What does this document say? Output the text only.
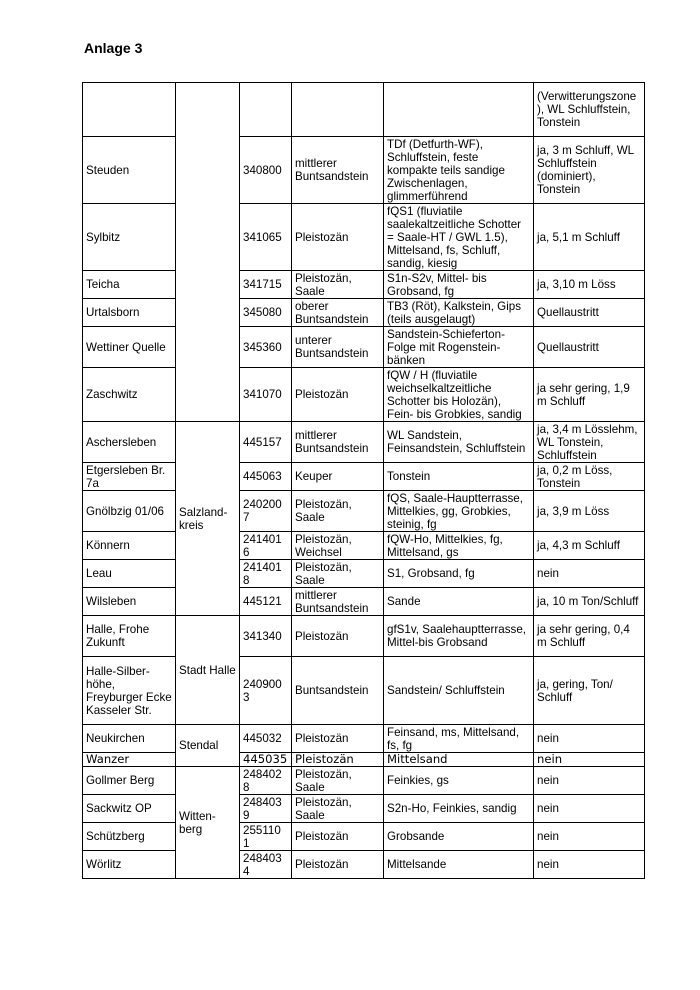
Anlage 3
					(Verwitterungszone ), WL Schluffstein, Tonstein
Steuden		340800	mittlerer Buntsandstein	TDf (Detfurth-WF), Schluffstein, feste kompakte teils sandige Zwischenlagen, glimmerführend	ja, 3 m Schluff, WL Schluffstein (dominiert), Tonstein
Sylbitz		341065	Pleistozän	fQS1 (fluviatile saalekaltzeitliche Schotter = Saale-HT / GWL 1.5), Mittelsand, fs, Schluff, sandig, kiesig	ja, 5,1 m Schluff
Teicha		341715	Pleistozän, Saale	S1n-S2v, Mittel- bis Grobsand, fg	ja, 3,10 m Löss
Urtalsborn		345080	oberer Buntsandstein	TB3 (Röt), Kalkstein, Gips (teils ausgelaugt)	Quellaustritt
Wettiner Quelle		345360	unterer Buntsandstein	Sandstein-Schieferton-Folge mit Rogenstein-bänken	Quellaustritt
Zaschwitz		341070	Pleistozän	fQW / H (fluviatile weichselkaltzeitliche Schotter bis Holozän), Fein- bis Grobkies, sandig	ja sehr gering, 1,9 m Schluff
Aschersleben	Salzland-kreis	445157	mittlerer Buntsandstein	WL Sandstein, Feinsandstein, Schluffstein	ja, 3,4 m Lösslehm, WL Tonstein, Schluffstein
Etgersleben Br. 7a		445063	Keuper	Tonstein	ja, 0,2 m Löss, Tonstein
Gnölbzig 01/06		240200 7	Pleistozän, Saale	fQS, Saale-Hauptterrasse, Mittelkies, gg, Grobkies, steinig, fg	ja, 3,9 m Löss
Könnern		241401 6	Pleistozän, Weichsel	fQW-Ho, Mittelkies, fg, Mittelsand, gs	ja, 4,3 m Schluff
Leau		241401 8	Pleistozän, Saale	S1, Grobsand, fg	nein
Wilsleben		445121	mittlerer Buntsandstein	Sande	ja, 10 m Ton/Schluff
Halle, Frohe Zukunft	Stadt Halle	341340	Pleistozän	gfS1v, Saalehauptterrasse, Mittel-bis Grobsand	ja sehr gering, 0,4 m Schluff
Halle-Silber-höhe, Freyburger Ecke Kasseler Str.		240900 3	Buntsandstein	Sandstein/ Schluffstein	ja, gering, Ton/ Schluff
Neukirchen	Stendal	445032	Pleistozän	Feinsand, ms, Mittelsand, fs, fg	nein
Wanzer		445035	Pleistozän	Mittelsand	nein
Gollmer Berg	Witten-berg	248402 8	Pleistozän, Saale	Feinkies, gs	nein
Sackwitz OP		248403 9	Pleistozän, Saale	S2n-Ho, Feinkies, sandig	nein
Schützberg		255110 1	Pleistozän	Grobsande	nein
Wörlitz		248403 4	Pleistozän	Mittelsande	nein
